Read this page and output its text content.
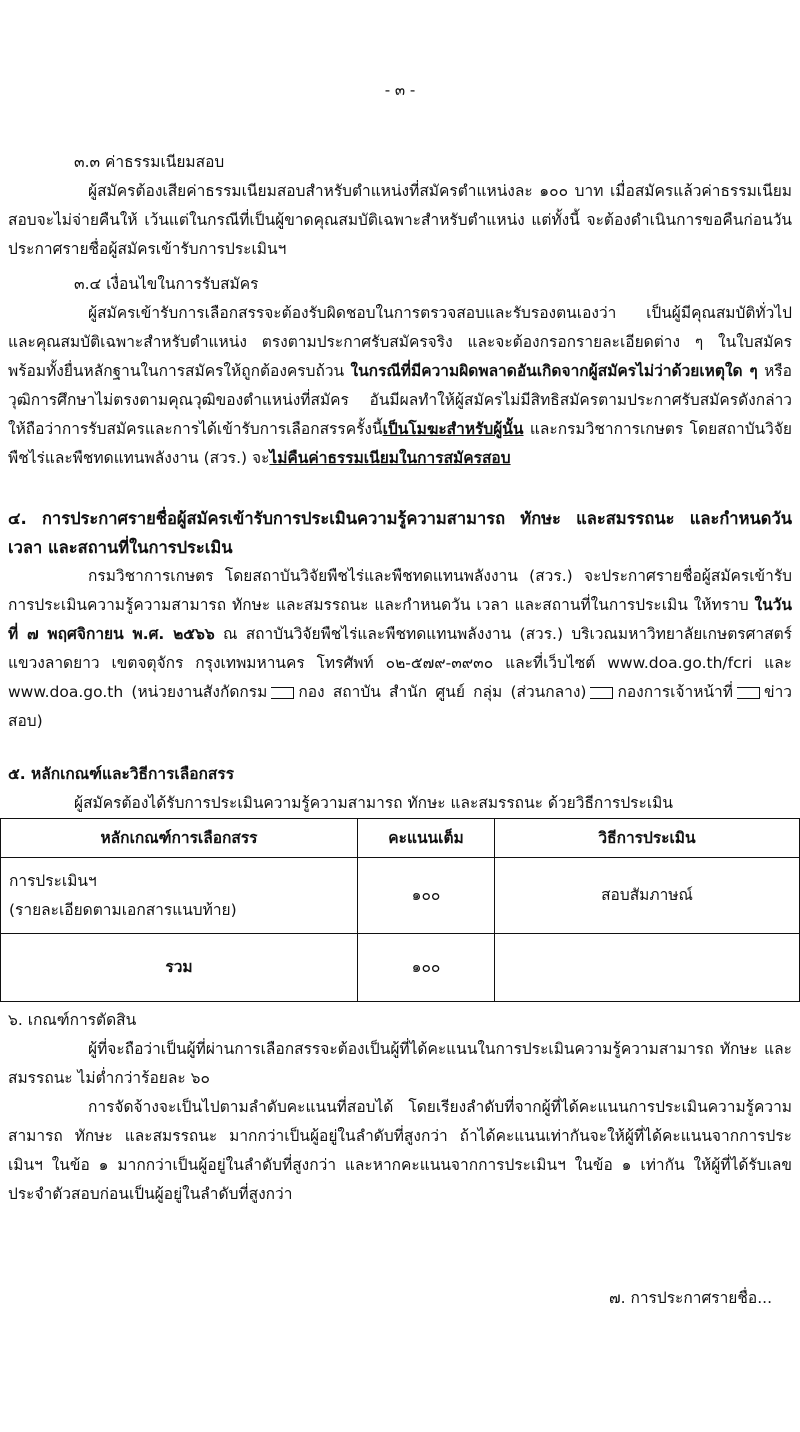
- ๓ -

๓.๓ ค่าธรรมเนียมสอบ

ผู้สมัครต้องเสียค่าธรรมเนียมสอบสำหรับตำแหน่งที่สมัครตำแหน่งละ ๑๐๐ บาท เมื่อสมัครแล้วค่าธรรมเนียมสอบจะไม่จ่ายคืนให้ เว้นแต่ในกรณีที่เป็นผู้ขาดคุณสมบัติเฉพาะสำหรับตำแหน่ง แต่ทั้งนี้ จะต้องดำเนินการขอคืนก่อนวันประกาศรายชื่อผู้สมัครเข้ารับการประเมินฯ

๓.๔ เงื่อนไขในการรับสมัคร

ผู้สมัครเข้ารับการเลือกสรรจะต้องรับผิดชอบในการตรวจสอบและรับรองตนเองว่า เป็นผู้มีคุณสมบัติทั่วไป และคุณสมบัติเฉพาะสำหรับตำแหน่ง ตรงตามประกาศรับสมัครจริง และจะต้องกรอกรายละเอียดต่าง ๆ ในใบสมัคร พร้อมทั้งยื่นหลักฐานในการสมัครให้ถูกต้องครบถ้วน ในกรณีที่มีความผิดพลาดอันเกิดจากผู้สมัครไม่ว่าด้วยเหตุใด ๆ หรือวุฒิการศึกษาไม่ตรงตามคุณวุฒิของตำแหน่งที่สมัคร อันมีผลทำให้ผู้สมัครไม่มีสิทธิสมัครตามประกาศรับสมัครดังกล่าว ให้ถือว่าการรับสมัครและการได้เข้ารับการเลือกสรรครั้งนี้เป็นโมฆะสำหรับผู้นั้น และกรมวิชาการเกษตร โดยสถาบันวิจัยพืชไร่และพืชทดแทนพลังงาน (สวร.) จะไม่คืนค่าธรรมเนียมในการสมัครสอบ

๔. การประกาศรายชื่อผู้สมัครเข้ารับการประเมินความรู้ความสามารถ ทักษะ และสมรรถนะ และกำหนดวัน เวลา และสถานที่ในการประเมิน

กรมวิชาการเกษตร โดยสถาบันวิจัยพืชไร่และพืชทดแทนพลังงาน (สวร.) จะประกาศรายชื่อผู้สมัครเข้ารับการประเมินความรู้ความสามารถ ทักษะ และสมรรถนะ และกำหนดวัน เวลา และสถานที่ในการประเมิน ให้ทราบ ในวันที่ ๗ พฤศจิกายน พ.ศ. ๒๕๖๖ ณ สถาบันวิจัยพืชไร่และพืชทดแทนพลังงาน (สวร.) บริเวณมหาวิทยาลัยเกษตรศาสตร์ แขวงลาดยาว เขตจตุจักร กรุงเทพมหานคร โทรศัพท์ ๐๒-๕๗๙-๓๙๓๐ และที่เว็บไซต์ www.doa.go.th/fcri และ www.doa.go.th (หน่วยงานสังกัดกรม กอง สถาบัน สำนัก ศูนย์ กลุ่ม (ส่วนกลาง) กองการเจ้าหน้าที่ ข่าวสอบ)

๕. หลักเกณฑ์และวิธีการเลือกสรร

ผู้สมัครต้องได้รับการประเมินความรู้ความสามารถ ทักษะ และสมรรถนะ ด้วยวิธีการประเมิน

หลักเกณฑ์การเลือกสรร	คะแนนเต็ม	วิธีการประเมิน

การประเมินฯ
(รายละเอียดตามเอกสารแนบท้าย)	๑๐๐	สอบสัมภาษณ์
รวม	๑๐๐	

๖. เกณฑ์การตัดสิน

ผู้ที่จะถือว่าเป็นผู้ที่ผ่านการเลือกสรรจะต้องเป็นผู้ที่ได้คะแนนในการประเมินความรู้ความสามารถ ทักษะ และสมรรถนะ ไม่ต่ำกว่าร้อยละ ๖๐

การจัดจ้างจะเป็นไปตามลำดับคะแนนที่สอบได้ โดยเรียงลำดับที่จากผู้ที่ได้คะแนนการประเมินความรู้ความสามารถ ทักษะ และสมรรถนะ มากกว่าเป็นผู้อยู่ในลำดับที่สูงกว่า ถ้าได้คะแนนเท่ากันจะให้ผู้ที่ได้คะแนนจากการประเมินฯ ในข้อ ๑ มากกว่าเป็นผู้อยู่ในลำดับที่สูงกว่า และหากคะแนนจากการประเมินฯ ในข้อ ๑ เท่ากัน ให้ผู้ที่ได้รับเลขประจำตัวสอบก่อนเป็นผู้อยู่ในลำดับที่สูงกว่า

๗. การประกาศรายชื่อ...
